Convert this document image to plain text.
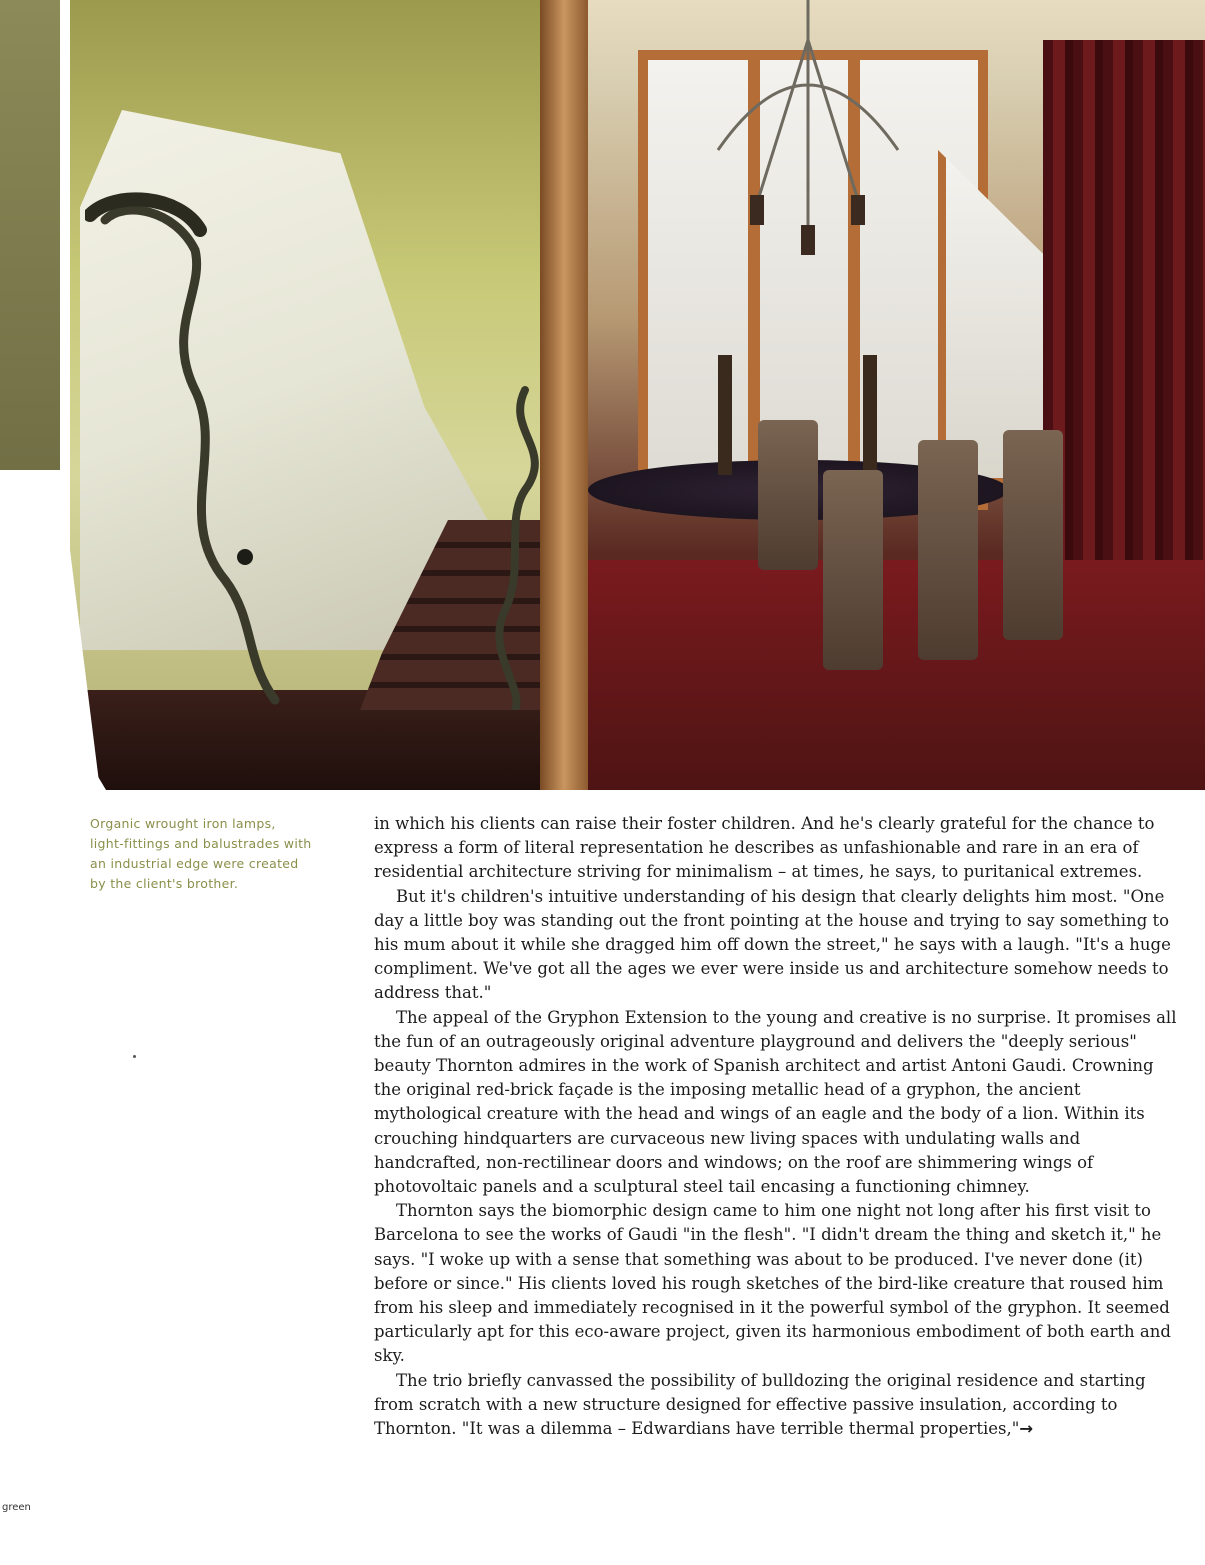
Organic wrought iron lamps,

light-fittings and balustrades with

an industrial edge were created

by the client's brother.

in which his clients can raise their foster children. And he's clearly grateful for the chance to express a form of literal representation he describes as unfashionable and rare in an era of residential architecture striving for minimalism – at times, he says, to puritanical extremes.

But it's children's intuitive understanding of his design that clearly delights him most. "One day a little boy was standing out the front pointing at the house and trying to say something to his mum about it while she dragged him off down the street," he says with a laugh. "It's a huge compliment. We've got all the ages we ever were inside us and architecture somehow needs to address that."

The appeal of the Gryphon Extension to the young and creative is no surprise. It promises all the fun of an outrageously original adventure playground and delivers the "deeply serious" beauty Thornton admires in the work of Spanish architect and artist Antoni Gaudi. Crowning the original red-brick façade is the imposing metallic head of a gryphon, the ancient mythological creature with the head and wings of an eagle and the body of a lion. Within its crouching hindquarters are curvaceous new living spaces with undulating walls and handcrafted, non-rectilinear doors and windows; on the roof are shimmering wings of photovoltaic panels and a sculptural steel tail encasing a functioning chimney.

Thornton says the biomorphic design came to him one night not long after his first visit to Barcelona to see the works of Gaudi "in the flesh". "I didn't dream the thing and sketch it," he says. "I woke up with a sense that something was about to be produced. I've never done (it) before or since." His clients loved his rough sketches of the bird-like creature that roused him from his sleep and immediately recognised in it the powerful symbol of the gryphon. It seemed particularly apt for this eco-aware project, given its harmonious embodiment of both earth and sky.

The trio briefly canvassed the possibility of bulldozing the original residence and starting from scratch with a new structure designed for effective passive insulation, according to Thornton. "It was a dilemma – Edwardians have terrible thermal properties,"→

green
